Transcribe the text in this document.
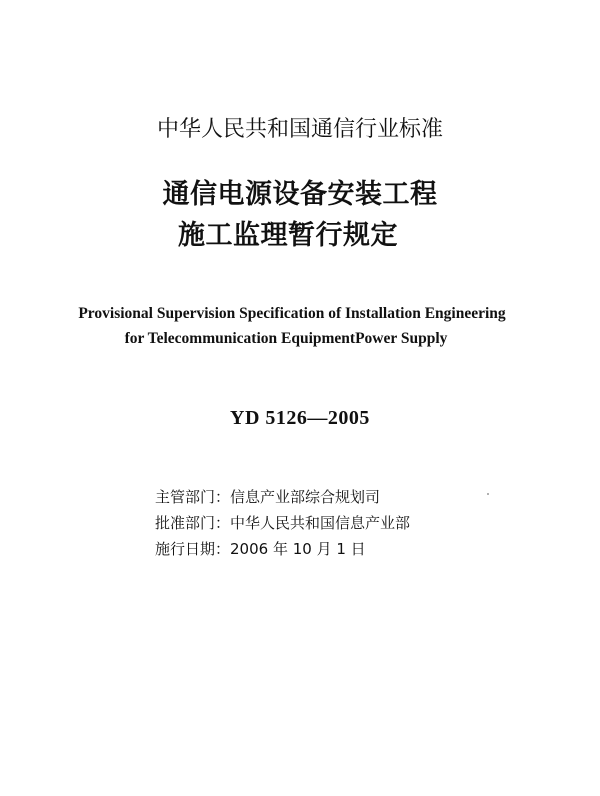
中华人民共和国通信行业标准
通信电源设备安装工程
施工监理暂行规定
Provisional Supervision Specification of Installation Engineering
for Telecommunication EquipmentPower Supply
YD 5126—2005
主管部门：信息产业部综合规划司
批准部门：中华人民共和国信息产业部
施行日期：2006 年 10 月 1 日
